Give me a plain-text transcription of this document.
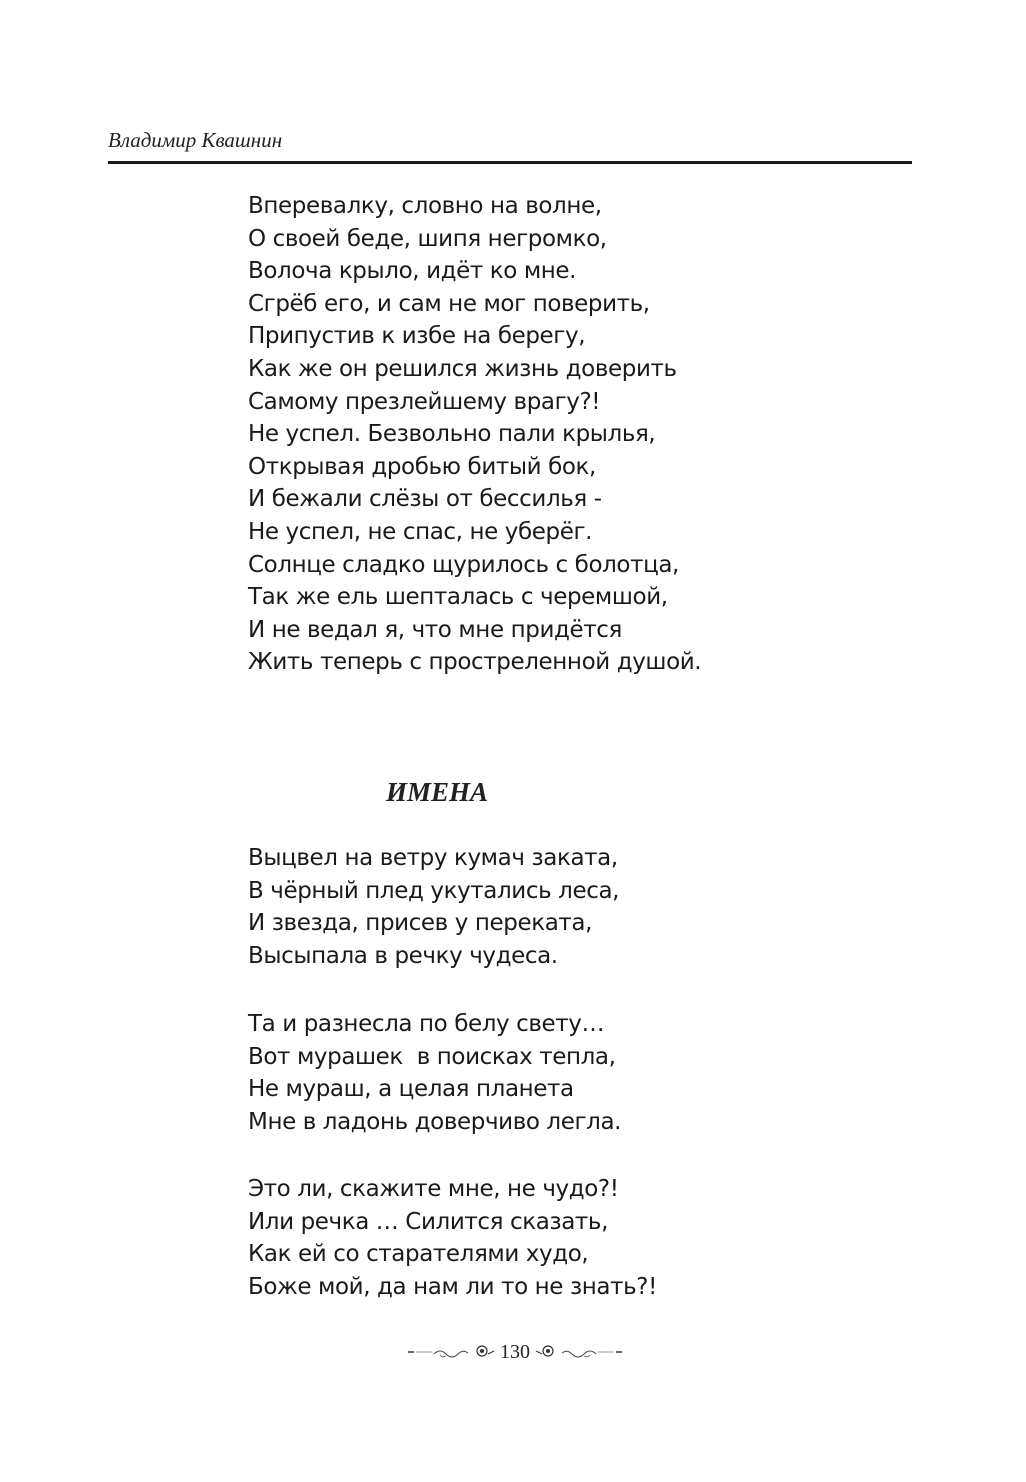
Владимир Квашнин
Вперевалку, словно на волне,
О своей беде, шипя негромко,
Волоча крыло, идёт ко мне.
Сгрёб его, и сам не мог поверить,
Припустив к избе на берегу,
Как же он решился жизнь доверить
Самому презлейшему врагу?!
Не успел. Безвольно пали крылья,
Открывая дробью битый бок,
И бежали слёзы от бессилья -
Не успел, не спас, не уберёг.
Солнце сладко щурилось с болотца,
Так же ель шепталась с черемшой,
И не ведал я, что мне придётся
Жить теперь с простреленной душой.
ИМЕНА
Выцвел на ветру кумач заката,
В чёрный плед укутались леса,
И звезда, присев у переката,
Высыпала в речку чудеса.
Та и разнесла по белу свету…
Вот мурашек  в поисках тепла,
Не мураш, а целая планета
Мне в ладонь доверчиво легла.
Это ли, скажите мне, не чудо?!
Или речка … Силится сказать,
Как ей со старателями худо,
Боже мой, да нам ли то не знать?!
130
